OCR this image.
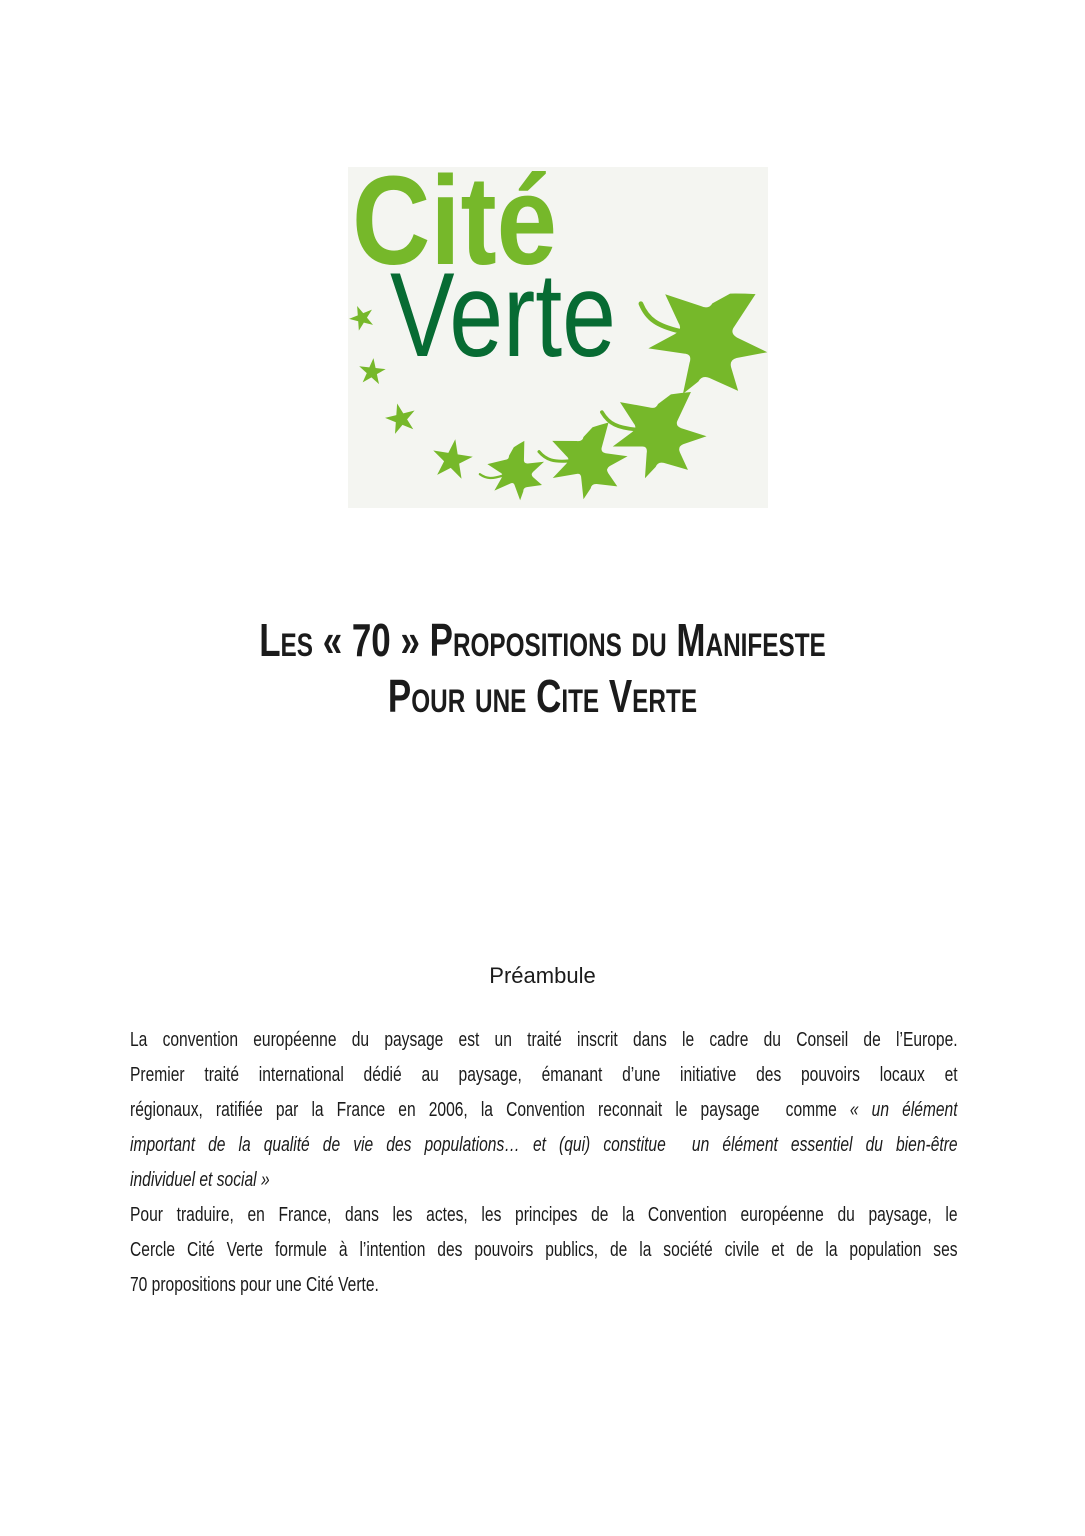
Cité
Verte
Les « 70 » Propositions du Manifeste
Pour une Cite Verte
Préambule
La convention européenne du paysage est un traité inscrit dans le cadre du Conseil de l’Europe.
Premier traité international dédié au paysage, émanant d’une initiative des pouvoirs locaux et
régionaux, ratifiée par la France en 2006, la Convention reconnait le paysage  comme « un élément
important de la qualité de vie des populations… et (qui) constitue  un élément essentiel du bien-être
individuel et social »
Pour traduire, en France, dans les actes, les principes de la Convention européenne du paysage, le
Cercle Cité Verte formule à l’intention des pouvoirs publics, de la société civile et de la population ses
70 propositions pour une Cité Verte.
